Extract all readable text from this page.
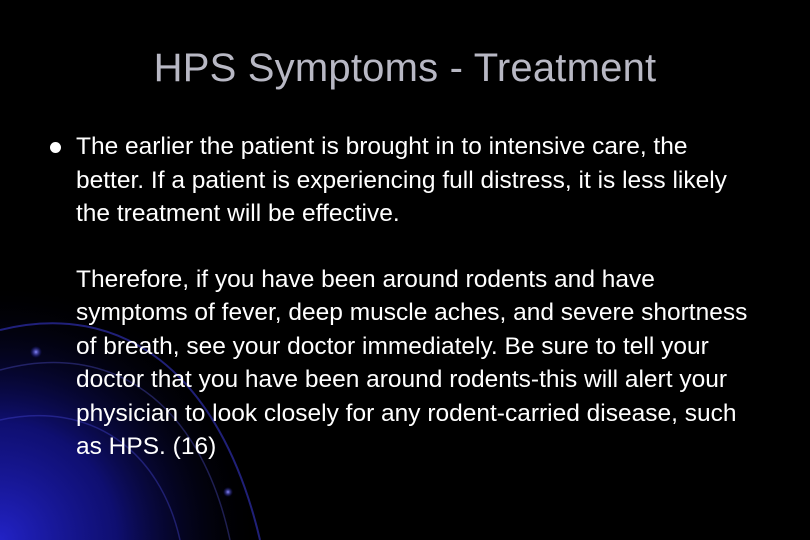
HPS Symptoms - Treatment

The earlier the patient is brought in to intensive care, the better. If a patient is experiencing full distress, it is less likely the treatment will be effective.

Therefore, if you have been around rodents and have symptoms of fever, deep muscle aches, and severe shortness of breath, see your doctor immediately. Be sure to tell your doctor that you have been around rodents-this will alert your physician to look closely for any rodent-carried disease, such as HPS. (16)
